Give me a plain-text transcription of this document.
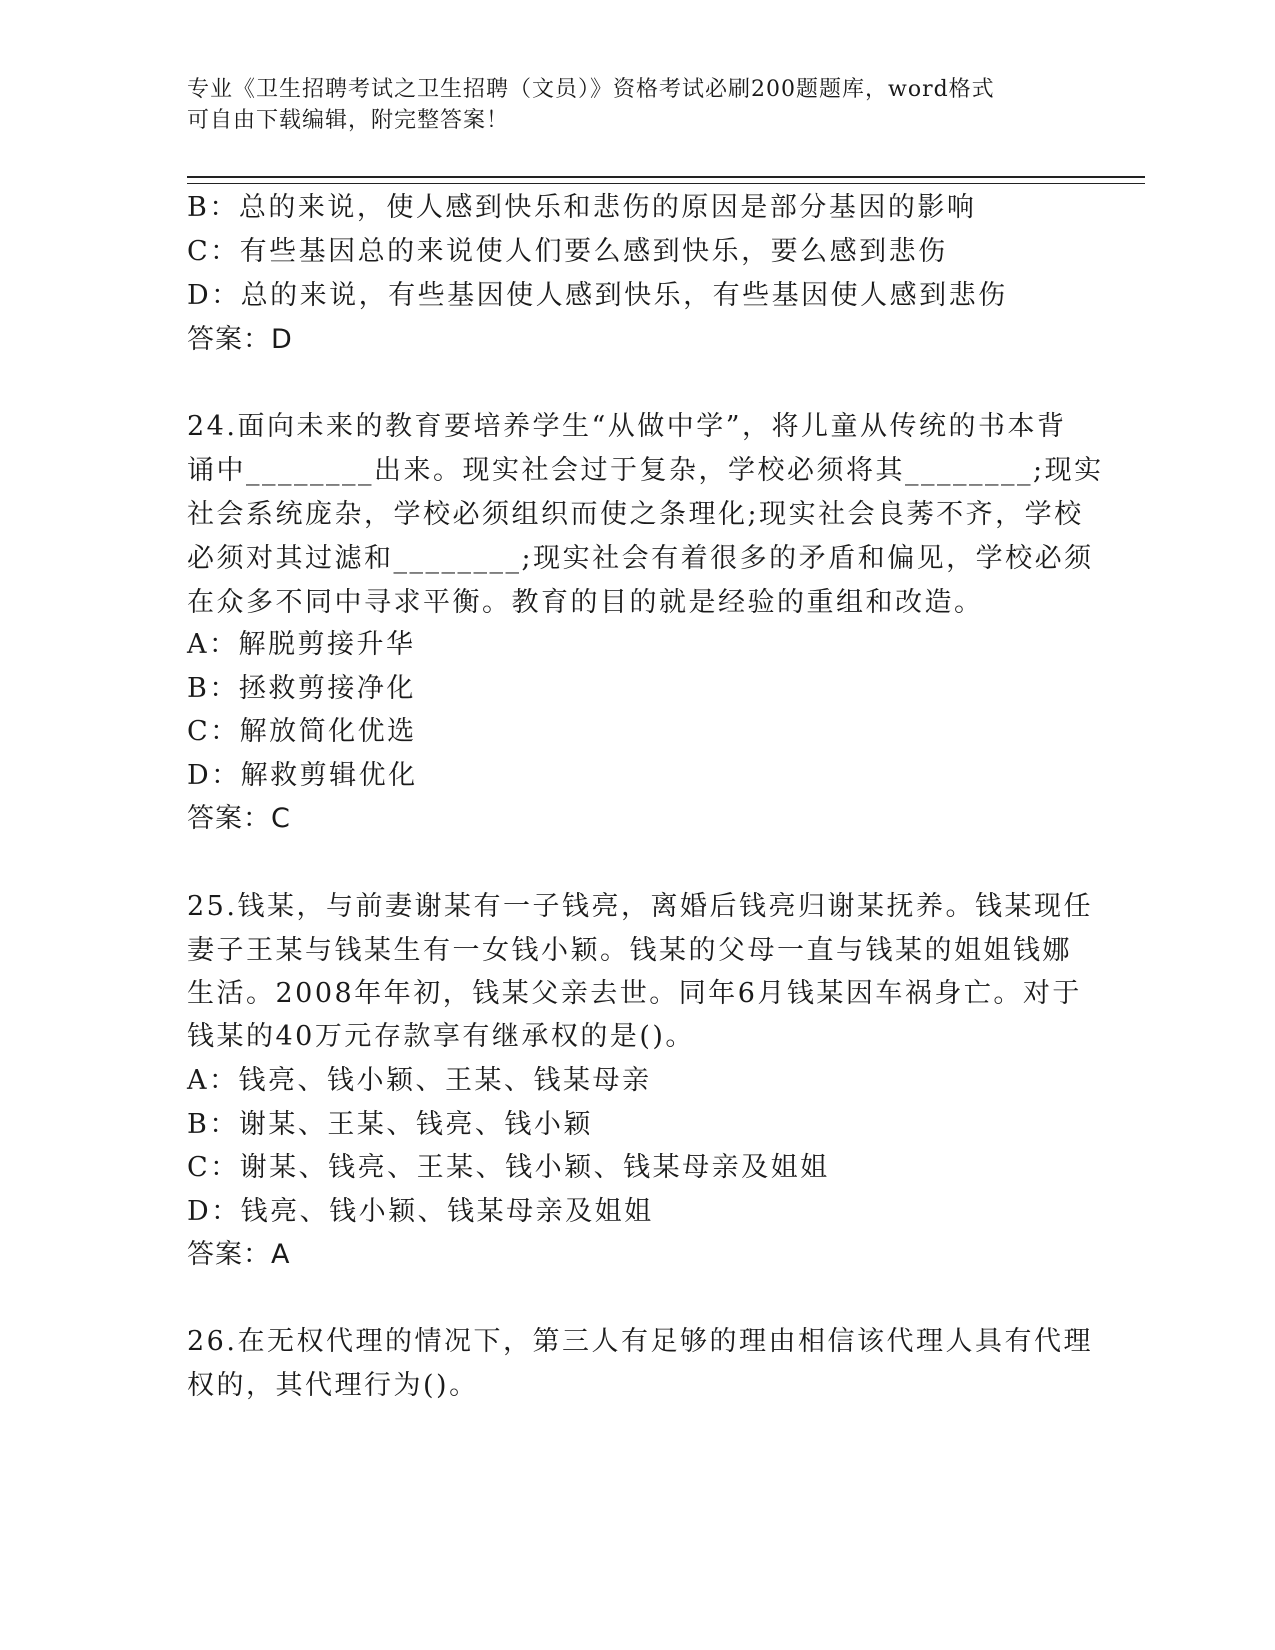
专业《卫生招聘考试之卫生招聘（文员）》资格考试必刷200题题库，word格式
可自由下载编辑，附完整答案！
B：总的来说，使人感到快乐和悲伤的原因是部分基因的影响
C：有些基因总的来说使人们要么感到快乐，要么感到悲伤
D：总的来说，有些基因使人感到快乐，有些基因使人感到悲伤
答案：D
24.面向未来的教育要培养学生“从做中学”，将儿童从传统的书本背
诵中________出来。现实社会过于复杂，学校必须将其________;现实
社会系统庞杂，学校必须组织而使之条理化;现实社会良莠不齐，学校
必须对其过滤和________;现实社会有着很多的矛盾和偏见，学校必须
在众多不同中寻求平衡。教育的目的就是经验的重组和改造。
A：解脱剪接升华
B：拯救剪接净化
C：解放简化优选
D：解救剪辑优化
答案：C
25.钱某，与前妻谢某有一子钱亮，离婚后钱亮归谢某抚养。钱某现任
妻子王某与钱某生有一女钱小颖。钱某的父母一直与钱某的姐姐钱娜
生活。2008年年初，钱某父亲去世。同年6月钱某因车祸身亡。对于
钱某的40万元存款享有继承权的是()。
A：钱亮、钱小颖、王某、钱某母亲
B：谢某、王某、钱亮、钱小颖
C：谢某、钱亮、王某、钱小颖、钱某母亲及姐姐
D：钱亮、钱小颖、钱某母亲及姐姐
答案：A
26.在无权代理的情况下，第三人有足够的理由相信该代理人具有代理
权的，其代理行为()。
